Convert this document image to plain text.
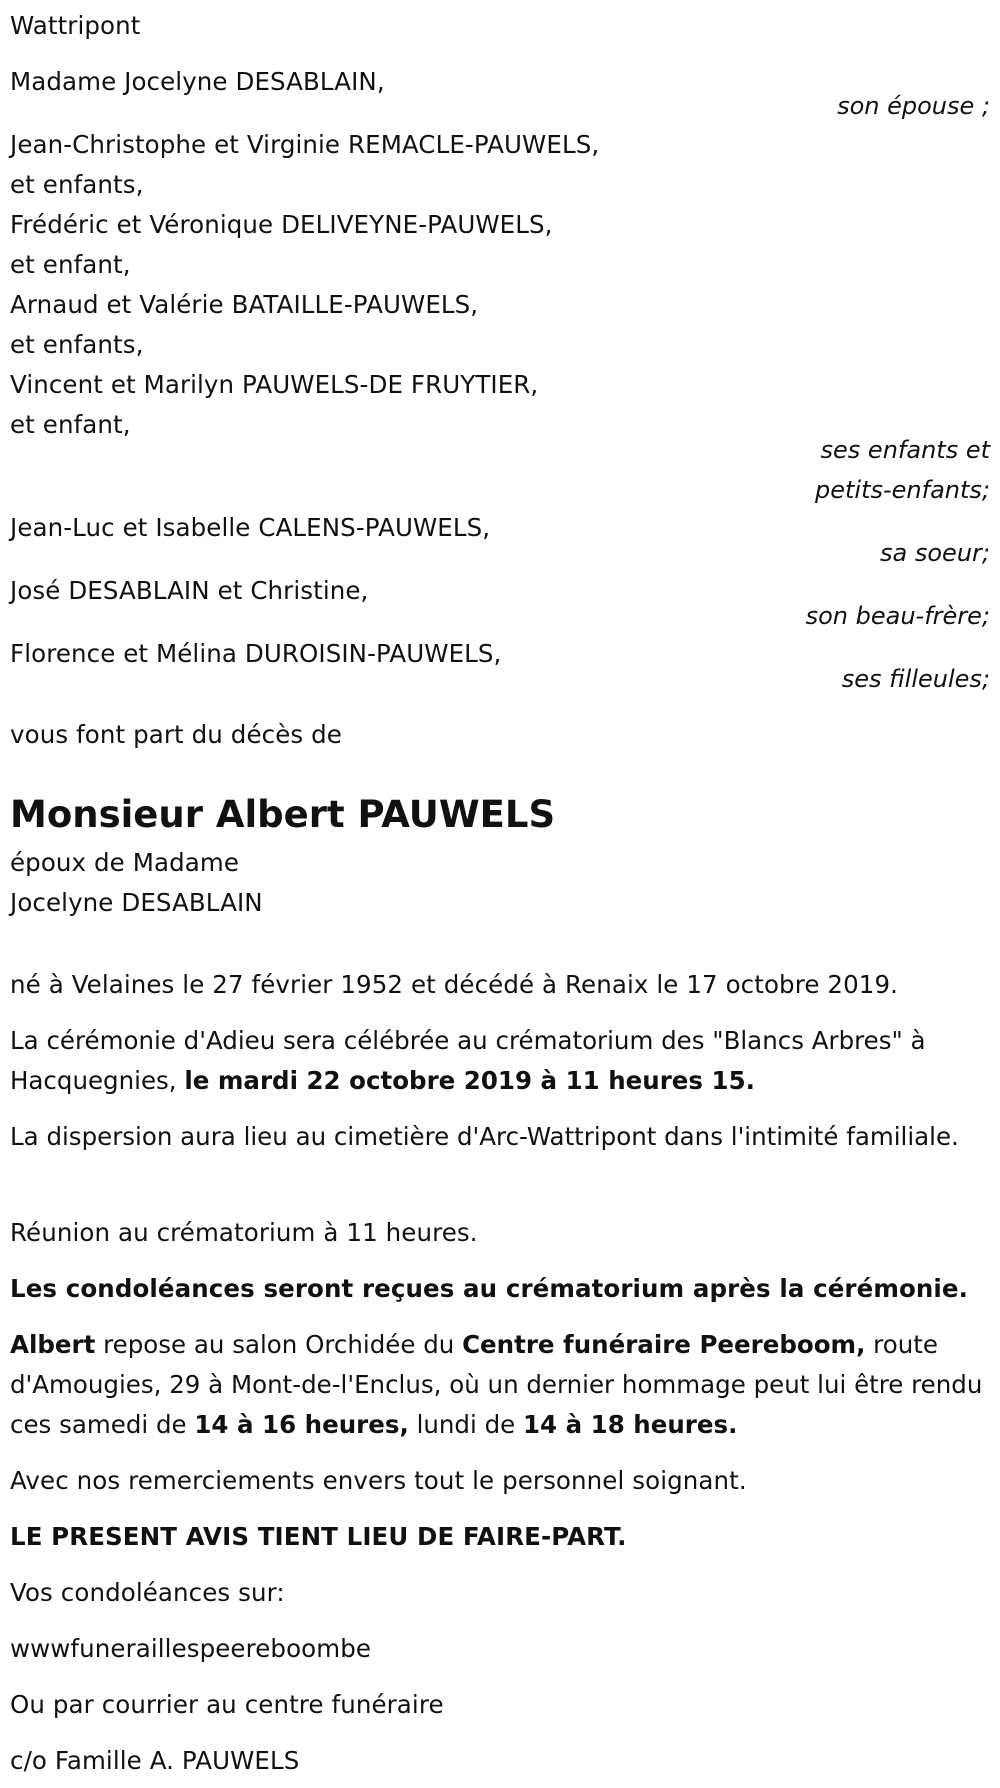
Wattripont
Madame Jocelyne DESABLAIN,
son épouse ;
Jean-Christophe et Virginie REMACLE-PAUWELS,
et enfants,
Frédéric et Véronique DELIVEYNE-PAUWELS,
et enfant,
Arnaud et Valérie BATAILLE-PAUWELS,
et enfants,
Vincent et Marilyn PAUWELS-DE FRUYTIER,
et enfant,
ses enfants et
petits-enfants;
Jean-Luc et Isabelle CALENS-PAUWELS,
sa soeur;
José DESABLAIN et Christine,
son beau-frère;
Florence et Mélina DUROISIN-PAUWELS,
ses filleules;
vous font part du décès de
Monsieur Albert PAUWELS
époux de Madame
Jocelyne DESABLAIN
né à Velaines le 27 février 1952 et décédé à Renaix le 17 octobre 2019.
La cérémonie d'Adieu sera célébrée au crématorium des "Blancs Arbres" à Hacquegnies, le mardi 22 octobre 2019 à 11 heures 15.
La dispersion aura lieu au cimetière d'Arc-Wattripont dans l'intimité familiale.
Réunion au crématorium à 11 heures.
Les condoléances seront reçues au crématorium après la cérémonie.
Albert repose au salon Orchidée du Centre funéraire Peereboom, route d'Amougies, 29 à Mont-de-l'Enclus, où un dernier hommage peut lui être rendu ces samedi de 14 à 16 heures, lundi de 14 à 18 heures.
Avec nos remerciements envers tout le personnel soignant.
LE PRESENT AVIS TIENT LIEU DE FAIRE-PART.
Vos condoléances sur:
wwwfuneraillespeereboombe
Ou par courrier au centre funéraire
c/o Famille A. PAUWELS
